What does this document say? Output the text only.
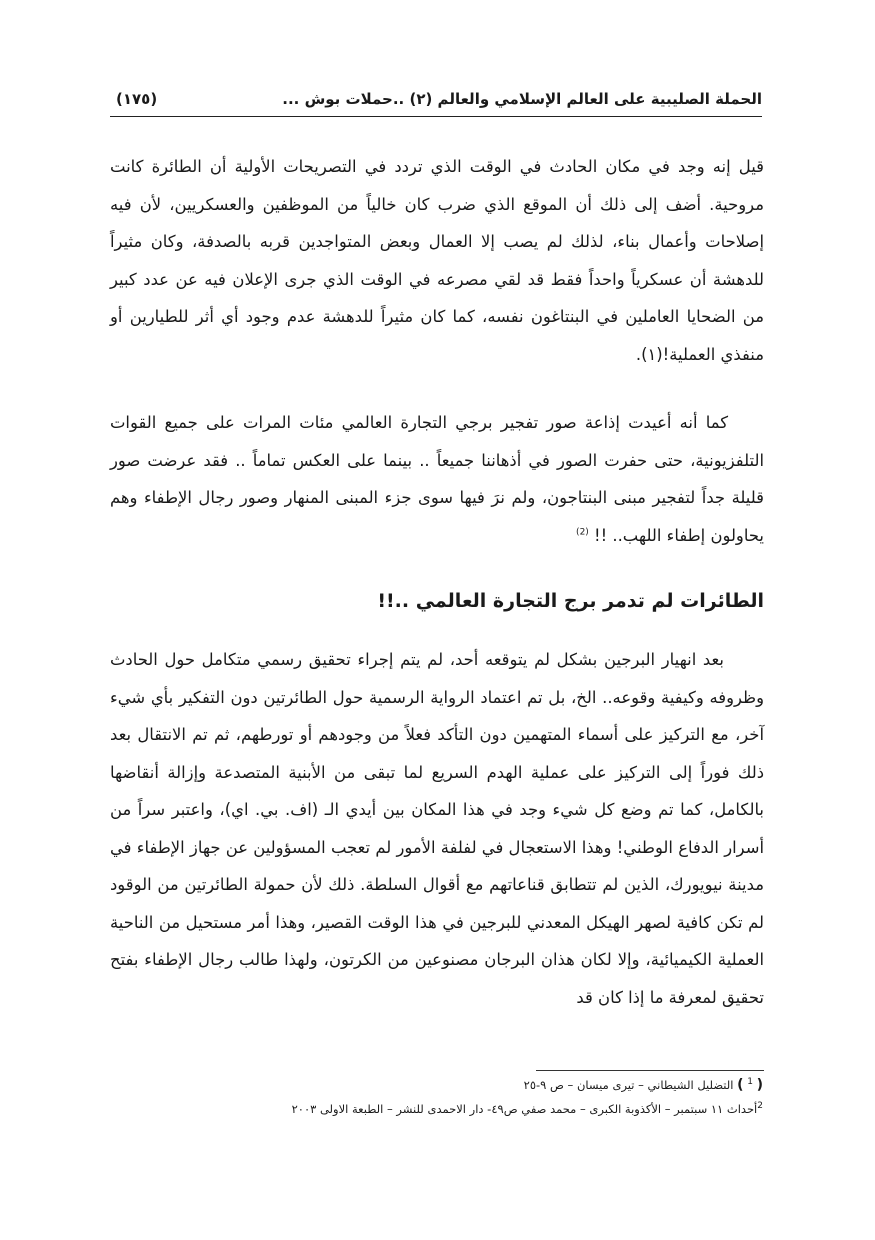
الحملة الصليبية على العالم الإسلامي والعالم (٢) ..حملات بوش ...
(١٧٥)

قيل إنه وجد في مكان الحادث في الوقت الذي تردد في التصريحات الأولية أن الطائرة كانت مروحية. أضف إلى ذلك أن الموقع الذي ضرب كان خالياً من الموظفين والعسكريين، لأن فيه إصلاحات وأعمال بناء، لذلك لم يصب إلا العمال وبعض المتواجدين قربه بالصدفة، وكان مثيراً للدهشة أن عسكرياً واحداً فقط قد لقي مصرعه في الوقت الذي جرى الإعلان فيه عن عدد كبير من الضحايا العاملين في البنتاغون نفسه، كما كان مثيراً للدهشة عدم وجود أي أثر للطيارين أو منفذي العملية!(١).

كما أنه أعيدت إذاعة صور تفجير برجي التجارة العالمي مئات المرات على جميع القوات التلفزيونية، حتى حفرت الصور في أذهاننا جميعاً .. بينما على العكس تماماً .. فقد عرضت صور قليلة جداً لتفجير مبنى البنتاجون، ولم نرَ فيها سوى جزء المبنى المنهار وصور رجال الإطفاء وهم يحاولون إطفاء اللهب.. !! $^{(2)}$

الطائرات لم تدمر برج التجارة العالمي ..!!

بعد انهيار البرجين بشكل لم يتوقعه أحد، لم يتم إجراء تحقيق رسمي متكامل حول الحادث وظروفه وكيفية وقوعه.. الخ، بل تم اعتماد الرواية الرسمية حول الطائرتين دون التفكير بأي شيء آخر، مع التركيز على أسماء المتهمين دون التأكد فعلاً من وجودهم أو تورطهم، ثم تم الانتقال بعد ذلك فوراً إلى التركيز على عملية الهدم السريع لما تبقى من الأبنية المتصدعة وإزالة أنقاضها بالكامل، كما تم وضع كل شيء وجد في هذا المكان بين أيدي الـ (اف. بي. اي)، واعتبر سراً من أسرار الدفاع الوطني! وهذا الاستعجال في لفلفة الأمور لم تعجب المسؤولين عن جهاز الإطفاء في مدينة نيويورك، الذين لم تتطابق قناعاتهم مع أقوال السلطة. ذلك لأن حمولة الطائرتين من الوقود لم تكن كافية لصهر الهيكل المعدني للبرجين في هذا الوقت القصير، وهذا أمر مستحيل من الناحية العملية الكيميائية، وإلا لكان هذان البرجان مصنوعين من الكرتون، ولهذا طالب رجال الإطفاء بفتح تحقيق لمعرفة ما إذا كان قد

( $^1$ ) التضليل الشيطاني – تيرى ميسان – ص ٩-٢٥
$^2$أحداث ١١ سبتمبر – الأكذوبة الكبرى – محمد صفي ص٤٩- دار الاحمدى للنشر – الطبعة الاولى ٢٠٠٣
